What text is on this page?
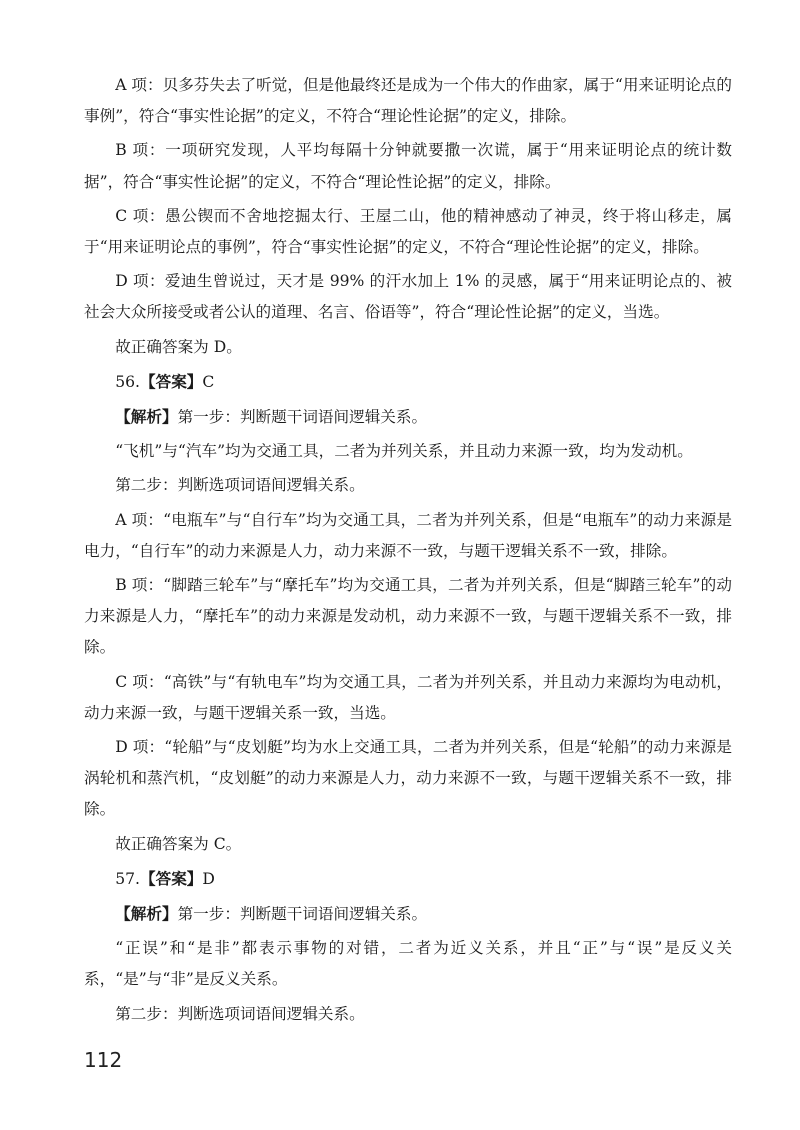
A 项：贝多芬失去了听觉，但是他最终还是成为一个伟大的作曲家，属于“用来证明论点的事例”，符合“事实性论据”的定义，不符合“理论性论据”的定义，排除。

B 项：一项研究发现，人平均每隔十分钟就要撒一次谎，属于“用来证明论点的统计数据”，符合“事实性论据”的定义，不符合“理论性论据”的定义，排除。

C 项：愚公锲而不舍地挖掘太行、王屋二山，他的精神感动了神灵，终于将山移走，属于“用来证明论点的事例”，符合“事实性论据”的定义，不符合“理论性论据”的定义，排除。

D 项：爱迪生曾说过，天才是 99% 的汗水加上 1% 的灵感，属于“用来证明论点的、被社会大众所接受或者公认的道理、名言、俗语等”，符合“理论性论据”的定义，当选。

故正确答案为 D。

56.【答案】C

【解析】第一步：判断题干词语间逻辑关系。

“飞机”与“汽车”均为交通工具，二者为并列关系，并且动力来源一致，均为发动机。

第二步：判断选项词语间逻辑关系。

A 项：“电瓶车”与“自行车”均为交通工具，二者为并列关系，但是“电瓶车”的动力来源是电力，“自行车”的动力来源是人力，动力来源不一致，与题干逻辑关系不一致，排除。

B 项：“脚踏三轮车”与“摩托车”均为交通工具，二者为并列关系，但是“脚踏三轮车”的动力来源是人力，“摩托车”的动力来源是发动机，动力来源不一致，与题干逻辑关系不一致，排除。

C 项：“高铁”与“有轨电车”均为交通工具，二者为并列关系，并且动力来源均为电动机，动力来源一致，与题干逻辑关系一致，当选。

D 项：“轮船”与“皮划艇”均为水上交通工具，二者为并列关系，但是“轮船”的动力来源是涡轮机和蒸汽机，“皮划艇”的动力来源是人力，动力来源不一致，与题干逻辑关系不一致，排除。

故正确答案为 C。

57.【答案】D

【解析】第一步：判断题干词语间逻辑关系。

“正误”和“是非”都表示事物的对错，二者为近义关系，并且“正”与“误”是反义关系，“是”与“非”是反义关系。

第二步：判断选项词语间逻辑关系。

112
